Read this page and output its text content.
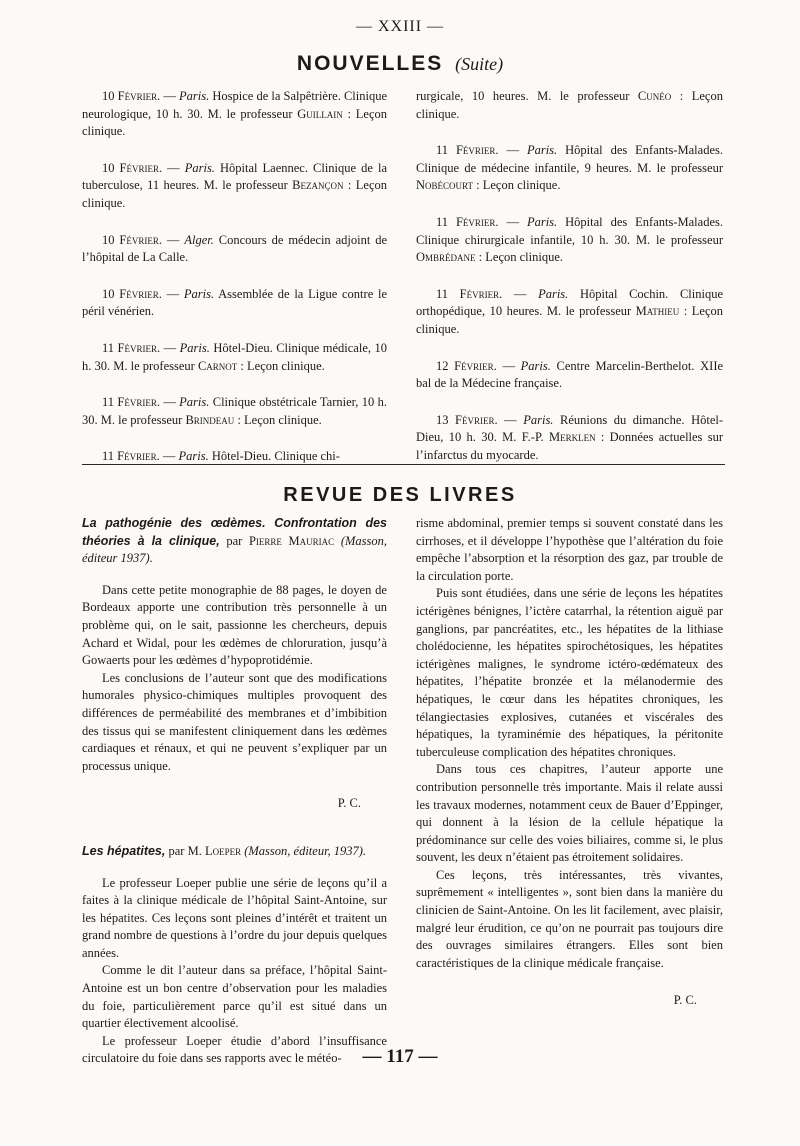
— XXIII —
NOUVELLES (Suite)

10 Février. — Paris. Hospice de la Salpêtrière. Clinique neurologique, 10 h. 30. M. le professeur Guillain : Leçon clinique.

10 Février. — Paris. Hôpital Laennec. Clinique de la tuberculose, 11 heures. M. le professeur Bezançon : Leçon clinique.

10 Février. — Alger. Concours de médecin adjoint de l’hôpital de La Calle.

10 Février. — Paris. Assemblée de la Ligue contre le péril vénérien.

11 Février. — Paris. Hôtel-Dieu. Clinique médicale, 10 h. 30. M. le professeur Carnot : Leçon clinique.

11 Février. — Paris. Clinique obstétricale Tarnier, 10 h. 30. M. le professeur Brindeau : Leçon clinique.

11 Février. — Paris. Hôtel-Dieu. Clinique chi-

rurgicale, 10 heures. M. le professeur Cunéo : Leçon clinique.

11 Février. — Paris. Hôpital des Enfants-Malades. Clinique de médecine infantile, 9 heures. M. le professeur Nobécourt : Leçon clinique.

11 Février. — Paris. Hôpital des Enfants-Malades. Clinique chirurgicale infantile, 10 h. 30. M. le professeur Ombrédane : Leçon clinique.

11 Février. — Paris. Hôpital Cochin. Clinique orthopédique, 10 heures. M. le professeur Mathieu : Leçon clinique.

12 Février. — Paris. Centre Marcelin-Berthelot. XIIe bal de la Médecine française.

13 Février. — Paris. Réunions du dimanche. Hôtel-Dieu, 10 h. 30. M. F.-P. Merklen : Données actuelles sur l’infarctus du myocarde.

REVUE DES LIVRES

La pathogénie des œdèmes. Confrontation des théories à la clinique, par Pierre Mauriac (Masson, éditeur 1937).

Dans cette petite monographie de 88 pages, le doyen de Bordeaux apporte une contribution très personnelle à un problème qui, on le sait, passionne les chercheurs, depuis Achard et Widal, pour les œdèmes de chloruration, jusqu’à Gowaerts pour les œdèmes d’hypoprotidémie.

Les conclusions de l’auteur sont que des modifications humorales physico-chimiques multiples provoquent des différences de perméabilité des membranes et d’imbibition des tissus qui se manifestent cliniquement dans les œdèmes cardiaques et rénaux, et qui ne peuvent s’expliquer par un processus unique.

P. C.

Les hépatites, par M. Loeper (Masson, éditeur, 1937).

Le professeur Loeper publie une série de leçons qu’il a faites à la clinique médicale de l’hôpital Saint-Antoine, sur les hépatites. Ces leçons sont pleines d’intérêt et traitent un grand nombre de questions à l’ordre du jour depuis quelques années.

Comme le dit l’auteur dans sa préface, l’hôpital Saint-Antoine est un bon centre d’observation pour les maladies du foie, particulièrement parce qu’il est situé dans un quartier électivement alcoolisé.

Le professeur Loeper étudie d’abord l’insuffisance circulatoire du foie dans ses rapports avec le météo-

risme abdominal, premier temps si souvent constaté dans les cirrhoses, et il développe l’hypothèse que l’altération du foie empêche l’absorption et la résorption des gaz, par trouble de la circulation porte.

Puis sont étudiées, dans une série de leçons les hépatites ictérigènes bénignes, l’ictère catarrhal, la rétention aiguë par ganglions, par pancréatites, etc., les hépatites de la lithiase cholédocienne, les hépatites spirochétosiques, les hépatites ictérigènes malignes, le syndrome ictéro-œdémateux des hépatites, l’hépatite bronzée et la mélanodermie des hépatiques, le cœur dans les hépatites chroniques, les télangiectasies explosives, cutanées et viscérales des hépatiques, la tyraminémie des hépatiques, la péritonite tuberculeuse complication des hépatites chroniques.

Dans tous ces chapitres, l’auteur apporte une contribution personnelle très importante. Mais il relate aussi les travaux modernes, notamment ceux de Bauer d’Eppinger, qui donnent à la lésion de la cellule hépatique la prédominance sur celle des voies biliaires, comme si, le plus souvent, les deux n’étaient pas étroitement solidaires.

Ces leçons, très intéressantes, très vivantes, suprêmement « intelligentes », sont bien dans la manière du clinicien de Saint-Antoine. On les lit facilement, avec plaisir, malgré leur érudition, ce qu’on ne pourrait pas toujours dire des ouvrages similaires étrangers. Elles sont bien caractéristiques de la clinique médicale française.

P. C.

— 117 —
